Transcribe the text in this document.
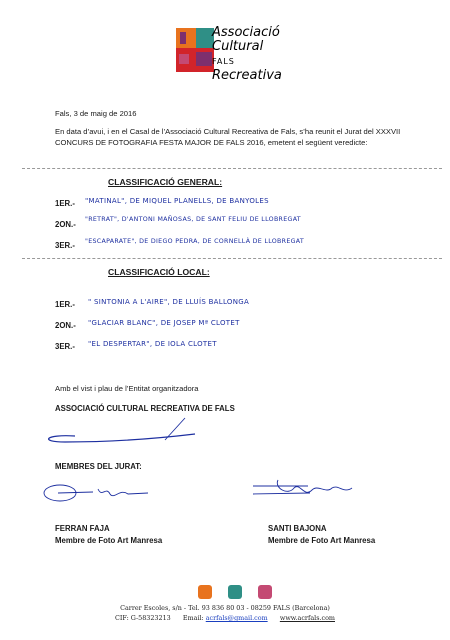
Associació
Cultural
FALS Recreativa
Fals, 3 de maig de 2016
En data d’avui, i en el Casal de l’Associació Cultural Recreativa de Fals, s’ha reunit el Jurat del XXXVII CONCURS DE FOTOGRAFIA FESTA MAJOR DE FALS 2016, emetent el següent veredicte:
CLASSIFICACIÓ GENERAL:
1ER.- "MATINAL", DE MIQUEL PLANELLS, DE BANYOLES
2ON.-
"RETRAT", D'ANTONI MAÑOSAS, DE SANT FELIU DE LLOBREGAT
3ER.- "ESCAPARATE", DE DIEGO PEDRA, DE CORNELLÀ DE LLOBREGAT
CLASSIFICACIÓ LOCAL:
1ER.- " SINTONIA A L'AIRE", DE LLUÍS BALLONGA
2ON.- "GLACIAR BLANC", DE JOSEP Mª CLOTET
3ER.- "EL DESPERTAR", DE IOLA CLOTET
Amb el vist i plau de l’Entitat organitzadora
ASSOCIACIÓ CULTURAL RECREATIVA DE FALS
MEMBRES DEL JURAT:
FERRAN FAJA
Membre de Foto Art Manresa
SANTI BAJONA
Membre de Foto Art Manresa
Carrer Escoles, s/n - Tel. 93 836 80 03 - 08259 FALS (Barcelona)
CIF: G-58323213 Email: acrfals@gmail.com www.acrfals.com
